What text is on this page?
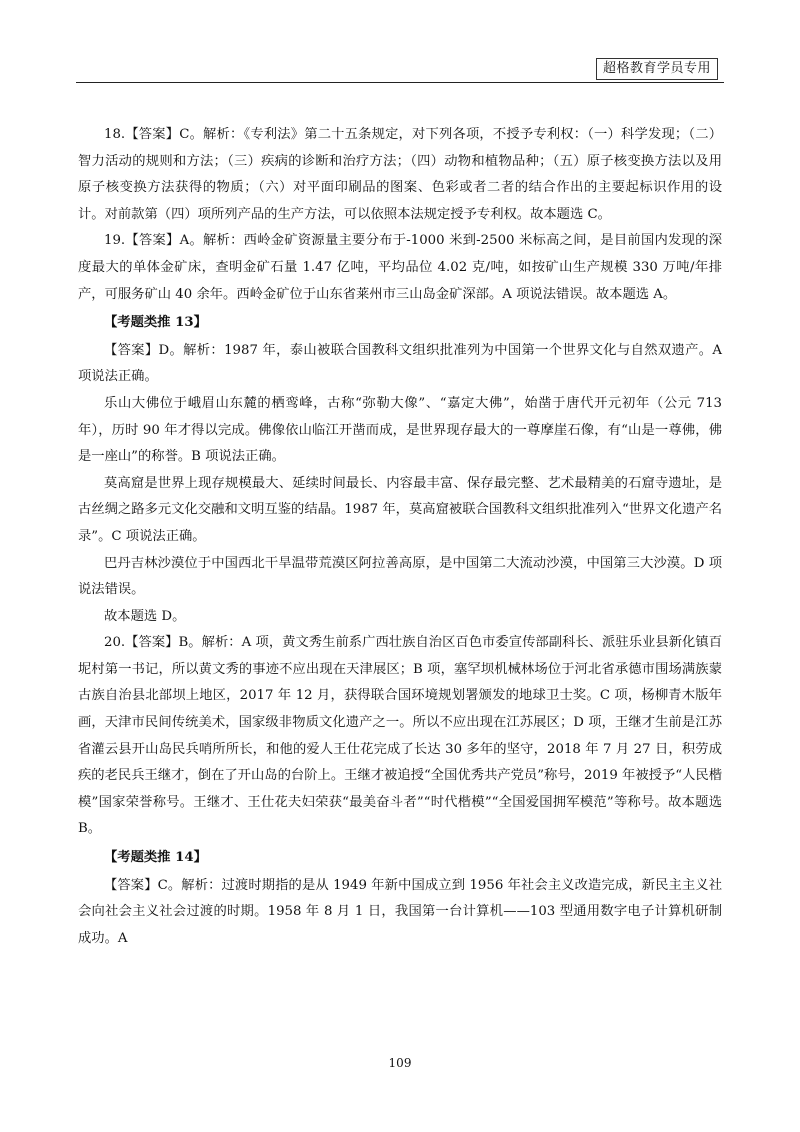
超格教育学员专用

18.【答案】C。解析：《专利法》第二十五条规定，对下列各项，不授予专利权：（一）科学发现；（二）智力活动的规则和方法；（三）疾病的诊断和治疗方法；（四）动物和植物品种；（五）原子核变换方法以及用原子核变换方法获得的物质；（六）对平面印刷品的图案、色彩或者二者的结合作出的主要起标识作用的设计。对前款第（四）项所列产品的生产方法，可以依照本法规定授予专利权。故本题选 C。

19.【答案】A。解析：西岭金矿资源量主要分布于-1000 米到-2500 米标高之间，是目前国内发现的深度最大的单体金矿床，查明金矿石量 1.47 亿吨，平均品位 4.02 克/吨，如按矿山生产规模 330 万吨/年排产，可服务矿山 40 余年。西岭金矿位于山东省莱州市三山岛金矿深部。A 项说法错误。故本题选 A。

【考题类推 13】

【答案】D。解析：1987 年，泰山被联合国教科文组织批准列为中国第一个世界文化与自然双遗产。A 项说法正确。

乐山大佛位于峨眉山东麓的栖鸾峰，古称“弥勒大像”、“嘉定大佛”，始凿于唐代开元初年（公元 713 年），历时 90 年才得以完成。佛像依山临江开凿而成，是世界现存最大的一尊摩崖石像，有“山是一尊佛，佛是一座山”的称誉。B 项说法正确。

莫高窟是世界上现存规模最大、延续时间最长、内容最丰富、保存最完整、艺术最精美的石窟寺遗址，是古丝绸之路多元文化交融和文明互鉴的结晶。1987 年，莫高窟被联合国教科文组织批准列入“世界文化遗产名录”。C 项说法正确。

巴丹吉林沙漠位于中国西北干旱温带荒漠区阿拉善高原，是中国第二大流动沙漠，中国第三大沙漠。D 项说法错误。

故本题选 D。

20.【答案】B。解析：A 项，黄文秀生前系广西壮族自治区百色市委宣传部副科长、派驻乐业县新化镇百坭村第一书记，所以黄文秀的事迹不应出现在天津展区；B 项，塞罕坝机械林场位于河北省承德市围场满族蒙古族自治县北部坝上地区，2017 年 12 月，获得联合国环境规划署颁发的地球卫士奖。C 项，杨柳青木版年画，天津市民间传统美术，国家级非物质文化遗产之一。所以不应出现在江苏展区；D 项，王继才生前是江苏省灌云县开山岛民兵哨所所长，和他的爱人王仕花完成了长达 30 多年的坚守，2018 年 7 月 27 日，积劳成疾的老民兵王继才，倒在了开山岛的台阶上。王继才被追授“全国优秀共产党员”称号，2019 年被授予“人民楷模”国家荣誉称号。王继才、王仕花夫妇荣获“最美奋斗者”“时代楷模”“全国爱国拥军模范”等称号。故本题选 B。

【考题类推 14】

【答案】C。解析：过渡时期指的是从 1949 年新中国成立到 1956 年社会主义改造完成，新民主主义社会向社会主义社会过渡的时期。1958 年 8 月 1 日，我国第一台计算机——103 型通用数字电子计算机研制成功。A

109
